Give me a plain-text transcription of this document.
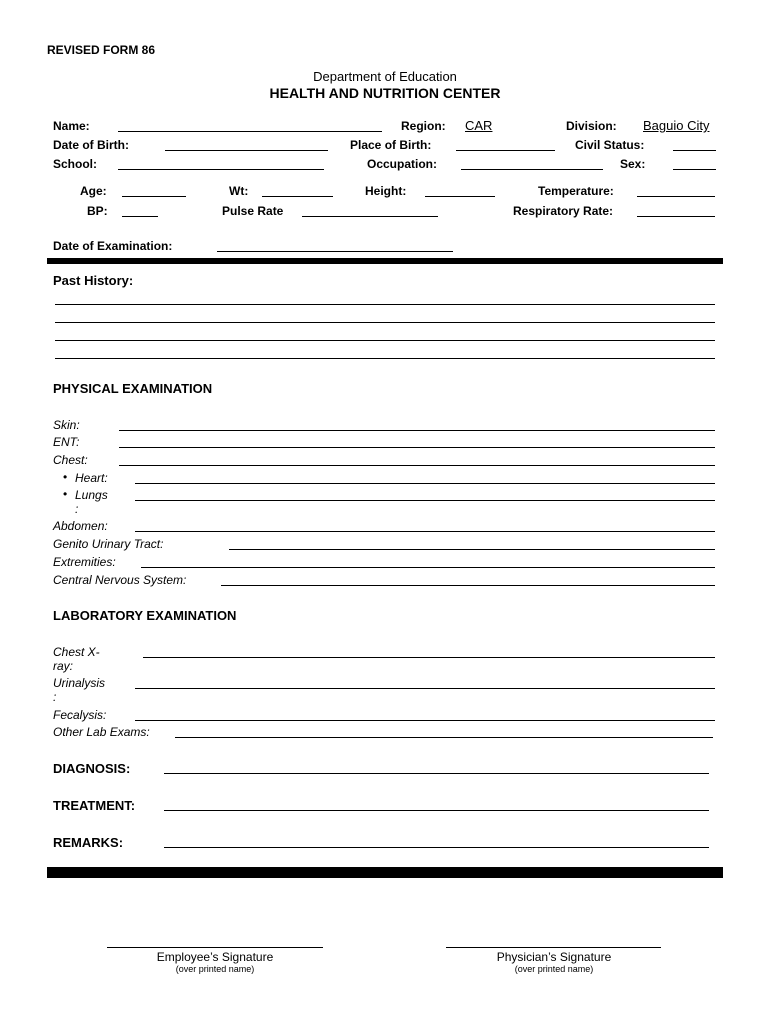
REVISED FORM 86
Department of Education
HEALTH AND NUTRITION CENTER
Name:	Region: CAR	Division: Baguio City
Date of Birth:	Place of Birth:	Civil Status:
School:	Occupation:	Sex:
Age:	Wt:	Height:	Temperature:
BP:	Pulse Rate	Respiratory Rate:
Date of Examination:
Past History:
PHYSICAL EXAMINATION
Skin:
ENT:
Chest:
• Heart:
• Lungs
:
Abdomen:
Genito Urinary Tract:
Extremities:
Central Nervous System:
LABORATORY EXAMINATION
Chest X-
ray:
Urinalysis
:
Fecalysis:
Other Lab Exams:
DIAGNOSIS:
TREATMENT:
REMARKS:
Employee’s Signature
(over printed name)
Physician’s Signature
(over printed name)
